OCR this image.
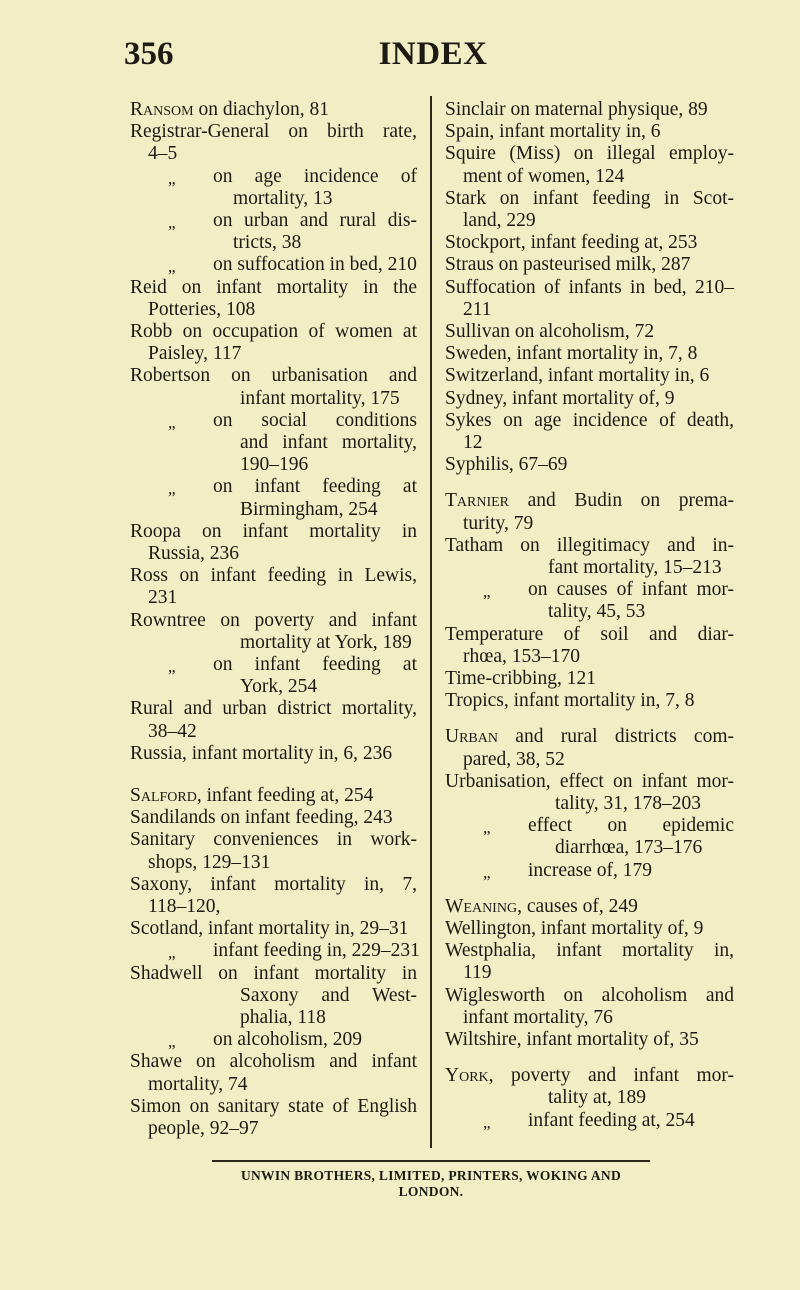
356	INDEX
Ransom on diachylon, 81
Registrar-General on birth rate,
4–5
„ on age incidence of
mortality, 13
„ on urban and rural dis-
tricts, 38
„ on suffocation in bed, 210
Reid on infant mortality in the
Potteries, 108
Robb on occupation of women at
Paisley, 117
Robertson on urbanisation and
infant mortality, 175
„ on social conditions
and infant mortality,
190–196
„ on infant feeding at
Birmingham, 254
Roopa on infant mortality in
Russia, 236
Ross on infant feeding in Lewis,
231
Rowntree on poverty and infant
mortality at York, 189
„ on infant feeding at
York, 254
Rural and urban district mortality,
38–42
Russia, infant mortality in, 6, 236
Salford, infant feeding at, 254
Sandilands on infant feeding, 243
Sanitary conveniences in work-
shops, 129–131
Saxony, infant mortality in, 7,
118–120,
Scotland, infant mortality in, 29–31
„ infant feeding in, 229–231
Shadwell on infant mortality in
Saxony and West-
phalia, 118
„ on alcoholism, 209
Shawe on alcoholism and infant
mortality, 74
Simon on sanitary state of English
people, 92–97
Sinclair on maternal physique, 89
Spain, infant mortality in, 6
Squire (Miss) on illegal employ-
ment of women, 124
Stark on infant feeding in Scot-
land, 229
Stockport, infant feeding at, 253
Straus on pasteurised milk, 287
Suffocation of infants in bed, 210–
211
Sullivan on alcoholism, 72
Sweden, infant mortality in, 7, 8
Switzerland, infant mortality in, 6
Sydney, infant mortality of, 9
Sykes on age incidence of death,
12
Syphilis, 67–69
Tarnier and Budin on prema-
turity, 79
Tatham on illegitimacy and in-
fant mortality, 15–213
„ on causes of infant mor-
tality, 45, 53
Temperature of soil and diar-
rhœa, 153–170
Time-cribbing, 121
Tropics, infant mortality in, 7, 8
Urban and rural districts com-
pared, 38, 52
Urbanisation, effect on infant mor-
tality, 31, 178–203
„ effect on epidemic
diarrhœa, 173–176
„ increase of, 179
Weaning, causes of, 249
Wellington, infant mortality of, 9
Westphalia, infant mortality in,
119
Wiglesworth on alcoholism and
infant mortality, 76
Wiltshire, infant mortality of, 35
York, poverty and infant mor-
tality at, 189
„ infant feeding at, 254
UNWIN BROTHERS, LIMITED, PRINTERS, WOKING AND LONDON.
